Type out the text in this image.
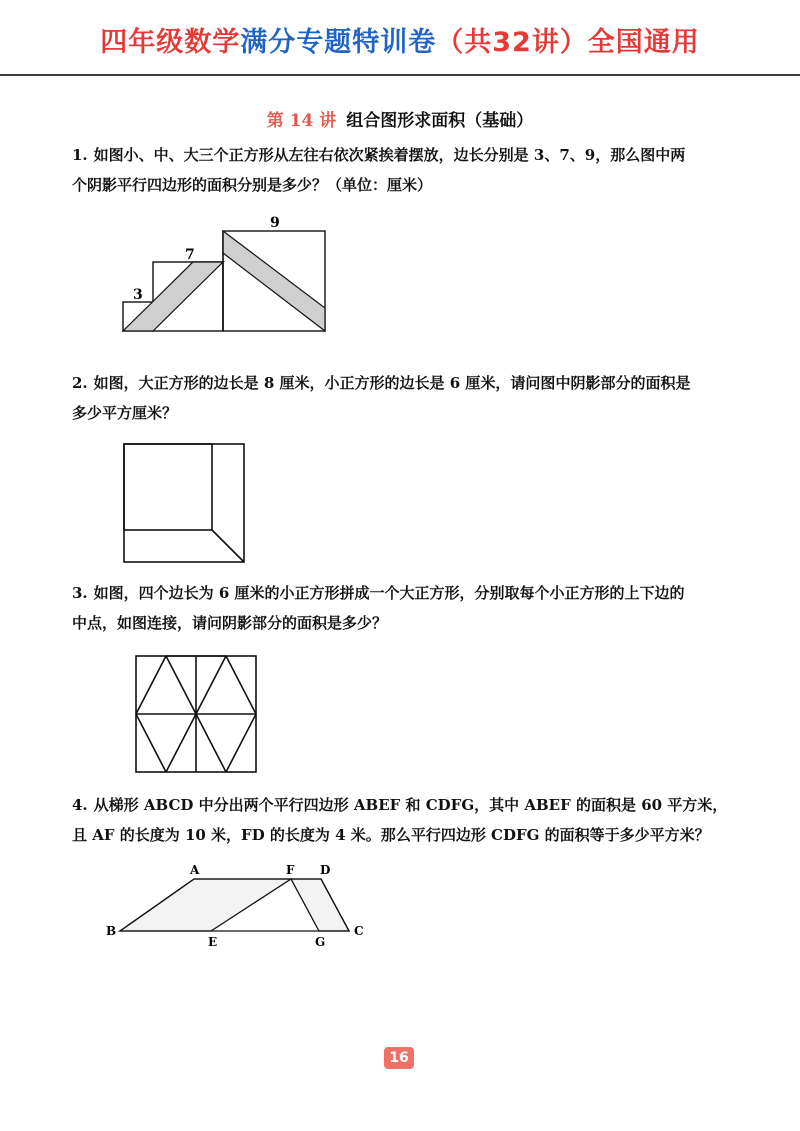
四年级数学满分专题特训卷（共32讲）全国通用
第 14 讲 组合图形求面积（基础）
1. 如图小、中、大三个正方形从左往右依次紧挨着摆放，边长分别是 3、7、9，那么图中两
个阴影平行四边形的面积分别是多少？（单位：厘米）
3
7
9
2. 如图，大正方形的边长是 8 厘米，小正方形的边长是 6 厘米，请问图中阴影部分的面积是
多少平方厘米？
3. 如图，四个边长为 6 厘米的小正方形拼成一个大正方形，分别取每个小正方形的上下边的
中点，如图连接，请问阴影部分的面积是多少？
4. 从梯形 ABCD 中分出两个平行四边形 ABEF 和 CDFG，其中 ABEF 的面积是 60 平方米，
且 AF 的长度为 10 米，FD 的长度为 4 米。那么平行四边形 CDFG 的面积等于多少平方米？
A	F D
B
E	G
C
16
